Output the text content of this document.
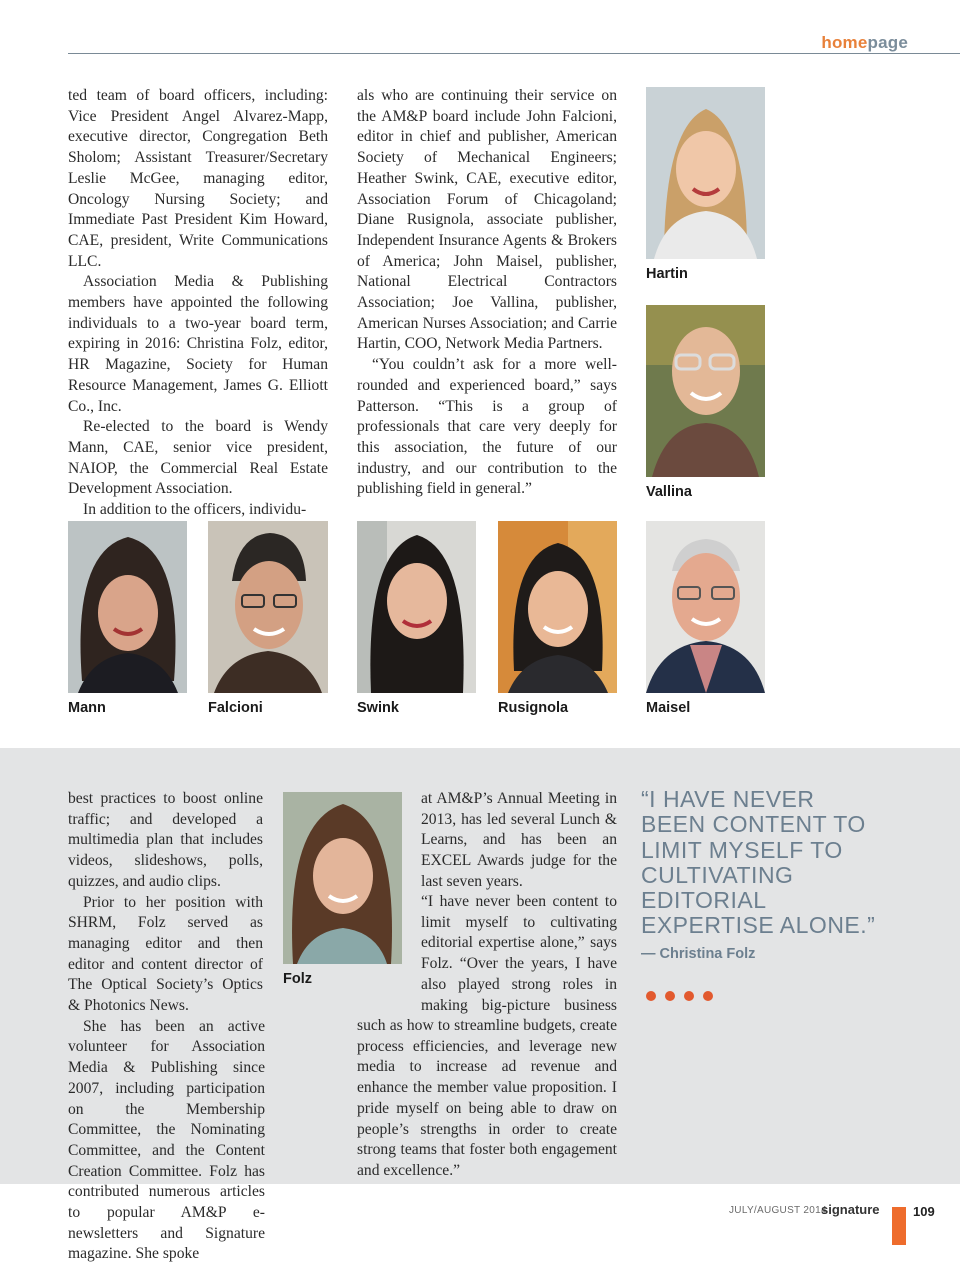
homepage

ted team of board officers, including: Vice President Angel Alvarez-Mapp, executive director, Congregation Beth Sholom; Assistant Treasurer/Secretary Leslie McGee, managing editor, Oncology Nursing Society; and Immediate Past President Kim Howard, CAE, president, Write Communications LLC.

Association Media & Publishing members have appointed the following individuals to a two-year board term, expiring in 2016: Christina Folz, editor, HR Magazine, Society for Human Resource Management, James G. Elliott Co., Inc.

Re-elected to the board is Wendy Mann, CAE, senior vice president, NAIOP, the Commercial Real Estate Development Association.

In addition to the officers, individu-

als who are continuing their service on the AM&P board include John Falcioni, editor in chief and publisher, American Society of Mechanical Engineers; Heather Swink, CAE, executive editor, Association Forum of Chicagoland; Diane Rusignola, associate publisher, Independent Insurance Agents & Brokers of America; John Maisel, publisher, National Electrical Contractors Association; Joe Vallina, publisher, American Nurses Association; and Carrie Hartin, COO, Network Media Partners.

“You couldn’t ask for a more well-rounded and experienced board,” says Patterson. “This is a group of professionals that care very deeply for this association, the future of our industry, and our contribution to the publishing field in general.”

Hartin
Vallina
Mann	Falcioni	Swink	Rusignola	Maisel

best practices to boost online traffic; and developed a multimedia plan that includes videos, slideshows, polls, quizzes, and audio clips.

Prior to her position with SHRM, Folz served as managing editor and then editor and content director of The Optical Society’s Optics & Photonics News.

She has been an active volunteer for Association Media & Publishing since 2007, including participation on the Membership Committee, the Nominating Committee, and the Content Creation Committee. Folz has contributed numerous articles to popular AM&P e-newsletters and Signature magazine. She spoke

Folz

at AM&P’s Annual Meeting in 2013, has led several Lunch & Learns, and has been an EXCEL Awards judge for the last seven years.

“I have never been content to limit myself to cultivating editorial expertise alone,” says Folz. “Over the years, I have also played strong roles in making big-picture business

such as how to streamline budgets, create process efficiencies, and leverage new media to increase ad revenue and enhance the member value proposition. I pride myself on being able to draw on people’s strengths in order to create strong teams that foster both engagement and excellence.”

“I HAVE NEVER BEEN CONTENT TO LIMIT MYSELF TO CULTIVATING EDITORIAL EXPERTISE ALONE.”
— Christina Folz
JULY/AUGUST 2014
signature	109
